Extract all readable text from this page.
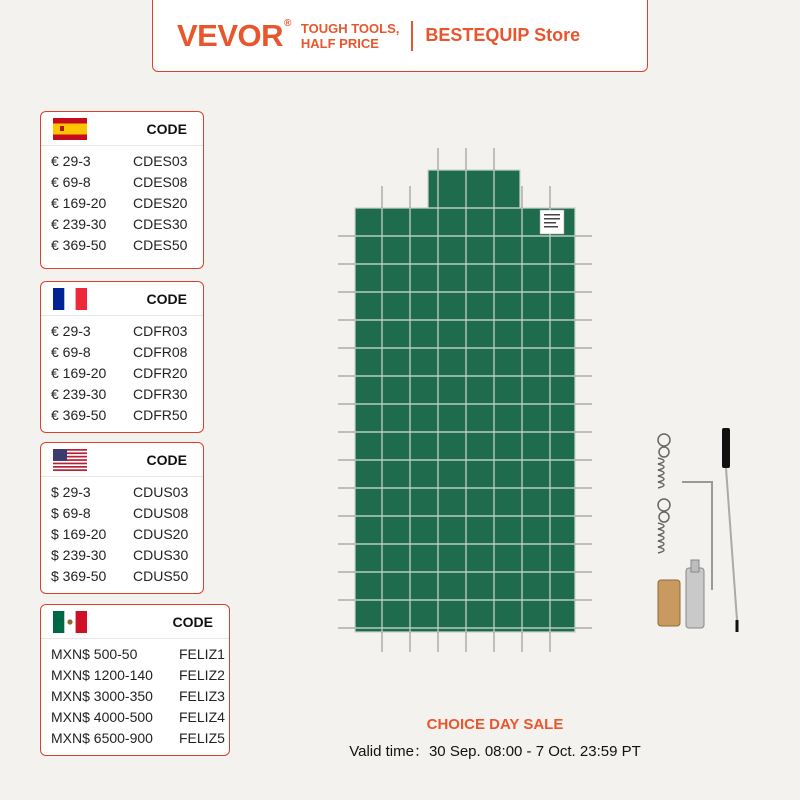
VEVOR® TOUGH TOOLS,
HALF PRICE	BESTEQUIP Store
CODE
€ 29-3	CDES03
€ 69-8	CDES08
€ 169-20	CDES20
€ 239-30	CDES30
€ 369-50	CDES50
CODE
€ 29-3	CDFR03
€ 69-8	CDFR08
€ 169-20	CDFR20
€ 239-30	CDFR30
€ 369-50	CDFR50
CODE
$ 29-3	CDUS03
$ 69-8	CDUS08
$ 169-20	CDUS20
$ 239-30	CDUS30
$ 369-50	CDUS50
CODE
MXN$ 500-50	FELIZ1
MXN$ 1200-140	FELIZ2
MXN$ 3000-350	FELIZ3
MXN$ 4000-500	FELIZ4
MXN$ 6500-900	FELIZ5
CHOICE DAY SALE
Valid time：30 Sep. 08:00 - 7 Oct. 23:59 PT
